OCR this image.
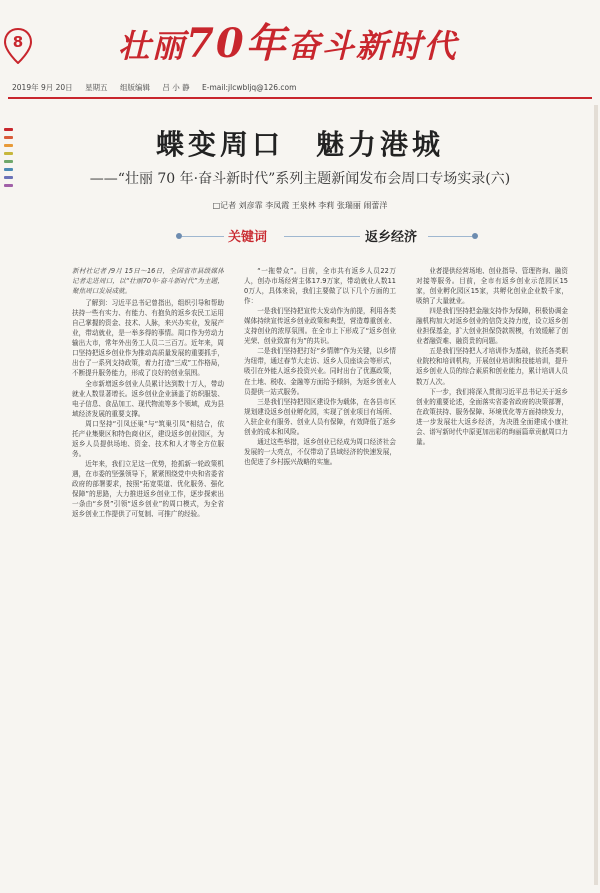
8	壮丽70年奋斗新时代
2019年 9月 20日 星期五 组版编辑 吕 小 静 E-mail:jlcwbljq@126.com
蝶变周口　魅力港城
——“壮丽 70 年·奋斗新时代”系列主题新闻发布会周口专场实录(六)
□记者 刘彦霏 李凤霞 王泉林 李莉 张瑞丽 闹蕾洋
关键词	返乡经济

新村社记者 /9月 15日～16日，全国省市县级媒体记者走进周口，以“壮丽70年·奋斗新时代”为主题，聚焦周口发展成就。

了解到：习近平总书记曾指出，组织引导和帮助扶持一些有实力、有能力、有抱负的返乡农民工运用自己掌握的资金、技术、人脉，来兴办实业，发展产业，带动就业，是一举多得的事情。周口作为劳动力输出大市，常年外出务工人员二三百万。近年来，周口坚持把返乡创业作为推动高质量发展的重要抓手，出台了一系列支持政策，着力打造“三成”工作格局，不断提升服务能力，形成了良好的创业氛围。

全市新增返乡创业人员累计达到数十万人，带动就业人数显著增长。返乡创业企业涵盖了纺织服装、电子信息、食品加工、现代物流等多个领域，成为县域经济发展的重要支撑。

周口坚持“引凤还巢”与“筑巢引凤”相结合，依托产业集聚区和特色商业区，建设返乡创业园区，为返乡人员提供场地、资金、技术和人才等全方位服务。

近年来，我们立足这一优势，抢抓新一轮政策机遇，在市委的坚强领导下，紧紧围绕党中央和省委省政府的部署要求，按照“拓宽渠道、优化服务、强化保障”的思路，大力推进返乡创业工作，逐步探索出一条由“乡贤”引领“返乡创业”的周口模式，为全省返乡创业工作提供了可复制、可推广的经验。

“一拖带众”。目前，全市共有返乡人员22万人，创办市场经营主体17.9万家，带动就业人数110万人，具体来说，我们主要做了以下几个方面的工作：

一是我们坚持把宣传大发动作为前提，利用各类媒体持续宣传返乡创业政策和典型，营造尊重创业、支持创业的浓厚氛围。在全市上下形成了“返乡创业光荣、创业致富有为”的共识。

二是我们坚持把打好“乡情牌”作为关键，以乡情为纽带，通过春节大走访、返乡人员座谈会等形式，吸引在外能人返乡投资兴业。同时出台了优惠政策，在土地、税收、金融等方面给予倾斜，为返乡创业人员提供一站式服务。

三是我们坚持把园区建设作为载体，在各县市区规划建设返乡创业孵化园，实现了创业项目有场所、入驻企业有服务、创业人员有保障，有效降低了返乡创业的成本和风险。

通过这些举措，返乡创业已经成为周口经济社会发展的一大亮点，不仅带动了县域经济的快速发展，也促进了乡村振兴战略的实施。

业者提供经营场地、创业指导、管理咨询、融资对接等服务。目前，全市有返乡创业示范园区15家，创业孵化园区15家，共孵化创业企业数千家，吸纳了大量就业。

四是我们坚持把金融支持作为保障，积极协调金融机构加大对返乡创业的信贷支持力度，设立返乡创业担保基金，扩大创业担保贷款规模，有效缓解了创业者融资难、融资贵的问题。

五是我们坚持把人才培训作为基础，依托各类职业院校和培训机构，开展创业培训和技能培训，提升返乡创业人员的综合素质和创业能力，累计培训人员数万人次。

下一步，我们将深入贯彻习近平总书记关于返乡创业的重要论述，全面落实省委省政府的决策部署，在政策扶持、服务保障、环境优化等方面持续发力，进一步发展壮大返乡经济，为决胜全面建成小康社会、谱写新时代中原更加出彩的绚丽篇章贡献周口力量。
